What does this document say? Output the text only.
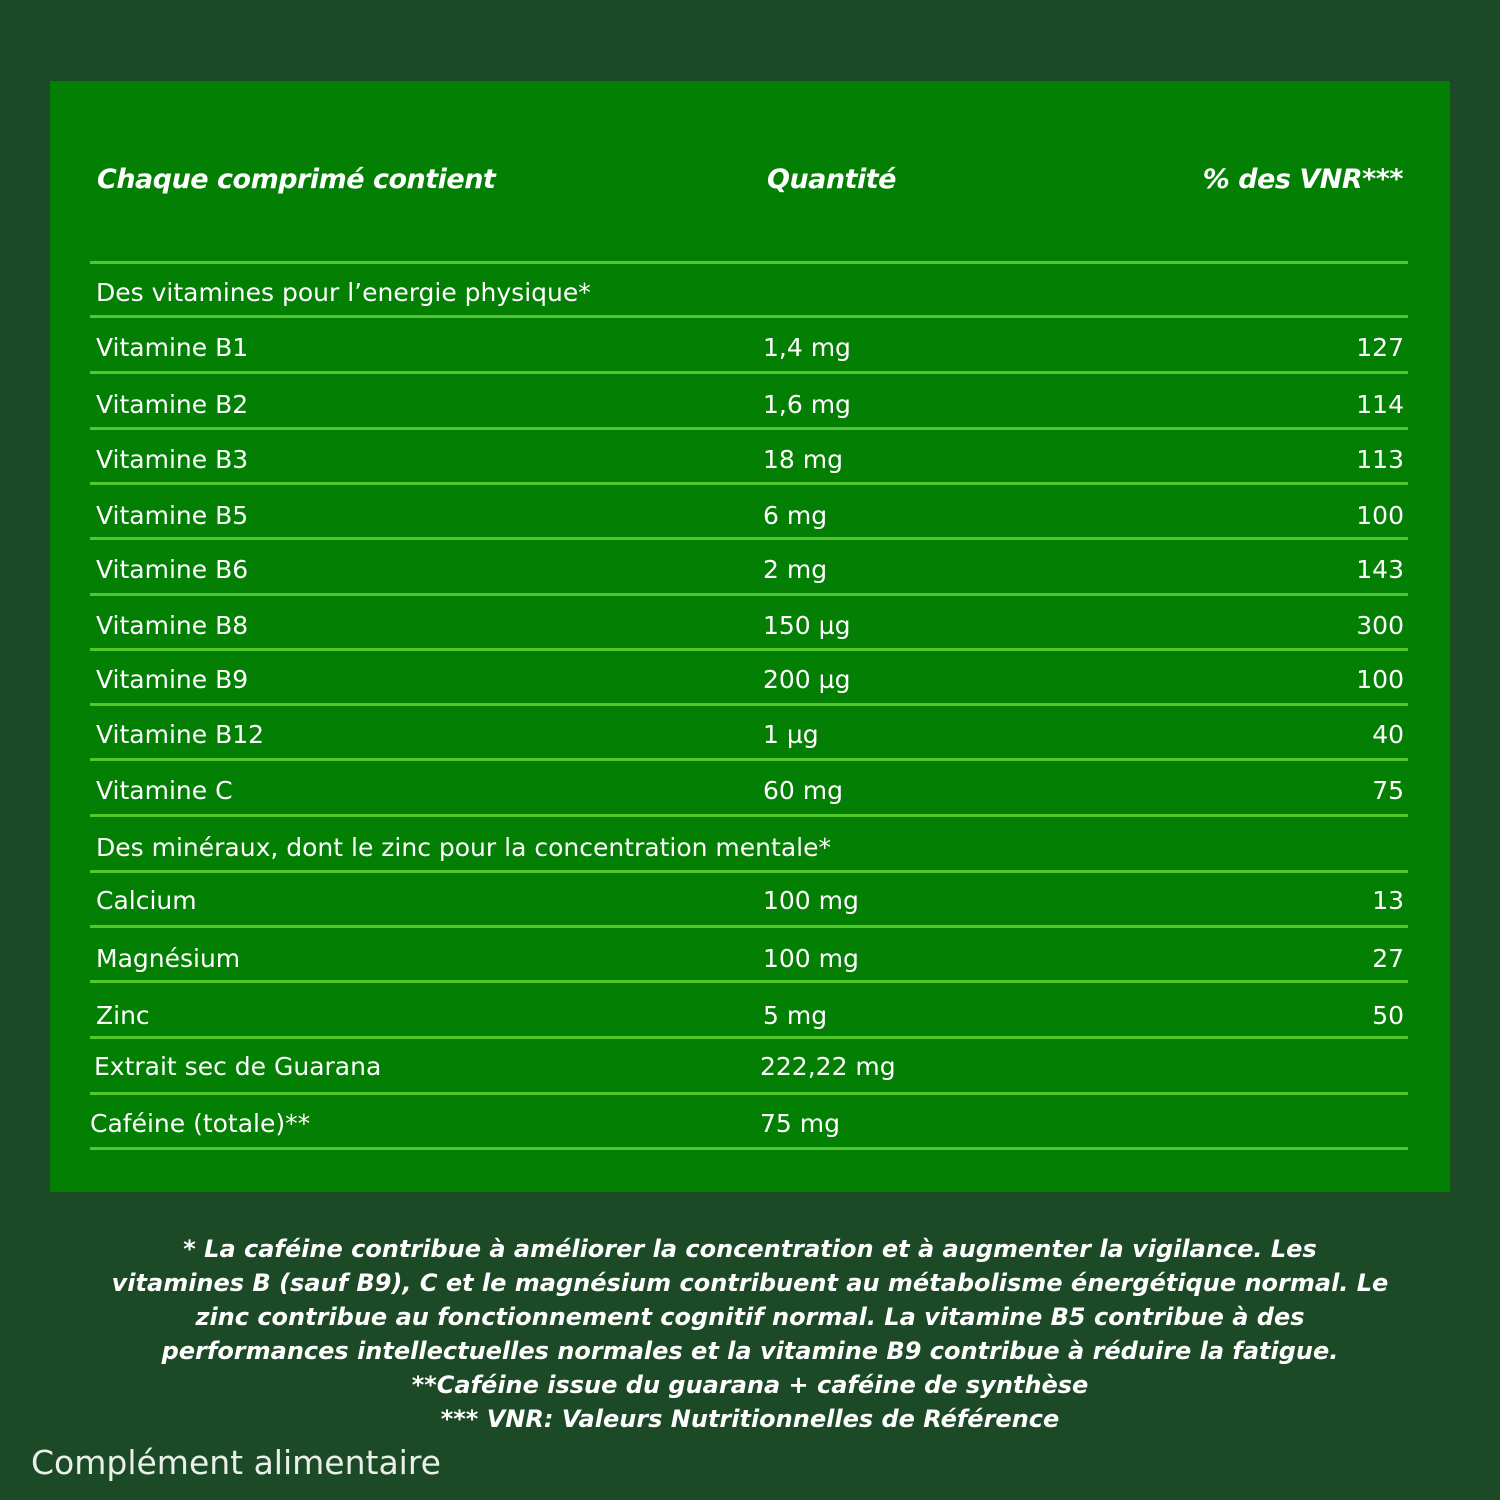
Chaque comprimé contient	Quantité	% des VNR***
Des vitamines pour l’energie physique*
Vitamine B1	1,4 mg	127
Vitamine B2	1,6 mg	114
Vitamine B3	18 mg	113
Vitamine B5	6 mg	100
Vitamine B6	2 mg	143
Vitamine B8	150 µg	300
Vitamine B9	200 µg	100
Vitamine B12	1 µg	40
Vitamine C	60 mg	75
Des minéraux, dont le zinc pour la concentration mentale*
Calcium	100 mg	13
Magnésium	100 mg	27
Zinc	5 mg	50
Extrait sec de Guarana	222,22 mg
Caféine (totale)**	75 mg
* La caféine contribue à améliorer la concentration et à augmenter la vigilance. Les
vitamines B (sauf B9), C et le magnésium contribuent au métabolisme énergétique normal. Le
zinc contribue au fonctionnement cognitif normal. La vitamine B5 contribue à des
performances intellectuelles normales et la vitamine B9 contribue à réduire la fatigue.
**Caféine issue du guarana + caféine de synthèse
*** VNR: Valeurs Nutritionnelles de Référence
Complément alimentaire
